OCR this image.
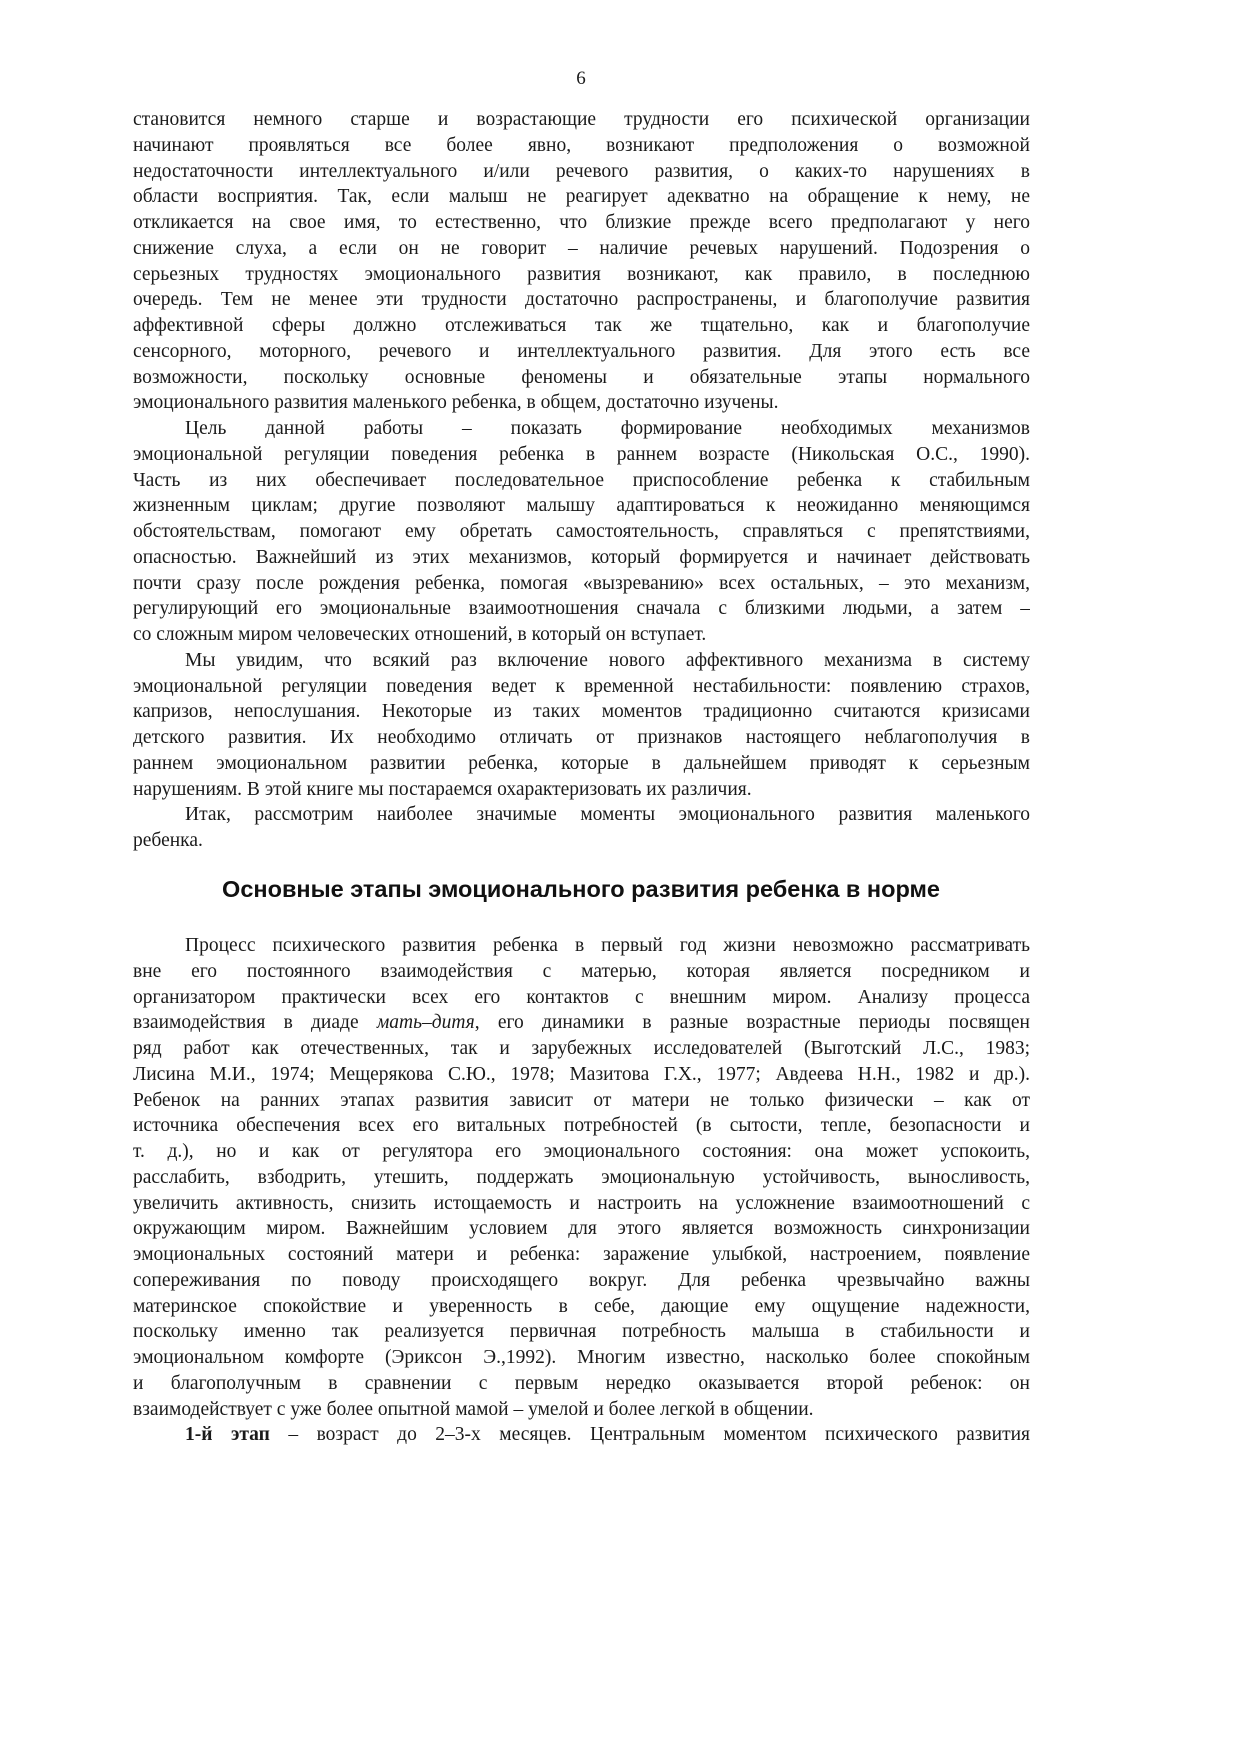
6
становится немного старше и возрастающие трудности его психической организации
начинают проявляться все более явно, возникают предположения о возможной
недостаточности интеллектуального и/или речевого развития, о каких-то нарушениях в
области восприятия. Так, если малыш не реагирует адекватно на обращение к нему, не
откликается на свое имя, то естественно, что близкие прежде всего предполагают у него
снижение слуха, а если он не говорит – наличие речевых нарушений. Подозрения о
серьезных трудностях эмоционального развития возникают, как правило, в последнюю
очередь. Тем не менее эти трудности достаточно распространены, и благополучие развития
аффективной сферы должно отслеживаться так же тщательно, как и благополучие
сенсорного, моторного, речевого и интеллектуального развития. Для этого есть все
возможности, поскольку основные феномены и обязательные этапы нормального
эмоционального развития маленького ребенка, в общем, достаточно изучены.
Цель данной работы – показать формирование необходимых механизмов
эмоциональной регуляции поведения ребенка в раннем возрасте (Никольская О.С., 1990).
Часть из них обеспечивает последовательное приспособление ребенка к стабильным
жизненным циклам; другие позволяют малышу адаптироваться к неожиданно меняющимся
обстоятельствам, помогают ему обретать самостоятельность, справляться с препятствиями,
опасностью. Важнейший из этих механизмов, который формируется и начинает действовать
почти сразу после рождения ребенка, помогая «вызреванию» всех остальных, – это механизм,
регулирующий его эмоциональные взаимоотношения сначала с близкими людьми, а затем –
со сложным миром человеческих отношений, в который он вступает.
Мы увидим, что всякий раз включение нового аффективного механизма в систему
эмоциональной регуляции поведения ведет к временной нестабильности: появлению страхов,
капризов, непослушания. Некоторые из таких моментов традиционно считаются кризисами
детского развития. Их необходимо отличать от признаков настоящего неблагополучия в
раннем эмоциональном развитии ребенка, которые в дальнейшем приводят к серьезным
нарушениям. В этой книге мы постараемся охарактеризовать их различия.
Итак, рассмотрим наиболее значимые моменты эмоционального развития маленького
ребенка.
Основные этапы эмоционального развития ребенка в норме
Процесс психического развития ребенка в первый год жизни невозможно рассматривать
вне его постоянного взаимодействия с матерью, которая является посредником и
организатором практически всех его контактов с внешним миром. Анализу процесса
взаимодействия в диаде мать–дитя, его динамики в разные возрастные периоды посвящен
ряд работ как отечественных, так и зарубежных исследователей (Выготский Л.С., 1983;
Лисина М.И., 1974; Мещерякова С.Ю., 1978; Мазитова Г.Х., 1977; Авдеева Н.Н., 1982 и др.).
Ребенок на ранних этапах развития зависит от матери не только физически – как от
источника обеспечения всех его витальных потребностей (в сытости, тепле, безопасности и
т. д.), но и как от регулятора его эмоционального состояния: она может успокоить,
расслабить, взбодрить, утешить, поддержать эмоциональную устойчивость, выносливость,
увеличить активность, снизить истощаемость и настроить на усложнение взаимоотношений с
окружающим миром. Важнейшим условием для этого является возможность синхронизации
эмоциональных состояний матери и ребенка: заражение улыбкой, настроением, появление
сопереживания по поводу происходящего вокруг. Для ребенка чрезвычайно важны
материнское спокойствие и уверенность в себе, дающие ему ощущение надежности,
поскольку именно так реализуется первичная потребность малыша в стабильности и
эмоциональном комфорте (Эриксон Э.,1992). Многим известно, насколько более спокойным
и благополучным в сравнении с первым нередко оказывается второй ребенок: он
взаимодействует с уже более опытной мамой – умелой и более легкой в общении.
1-й этап – возраст до 2–3-х месяцев. Центральным моментом психического развития
